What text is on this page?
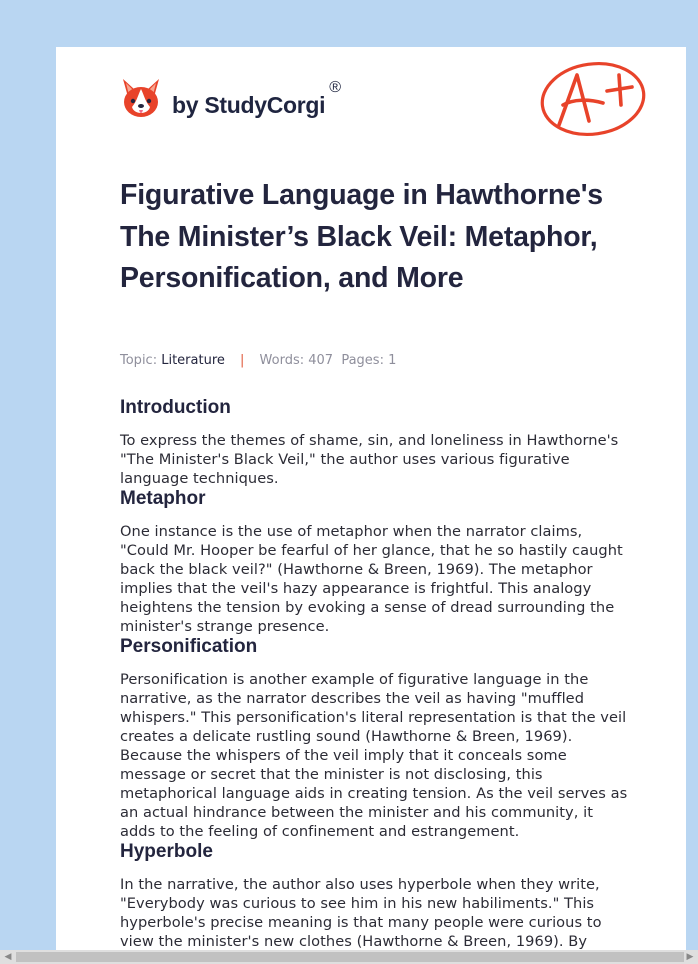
by StudyCorgi
®
A+
Figurative Language in Hawthorne's The Minister’s Black Veil: Metaphor, Personification, and More
Topic: Literature | Words: 407 Pages: 1
Introduction

To express the themes of shame, sin, and loneliness in Hawthorne's "The Minister's Black Veil," the author uses various figurative language techniques.

Metaphor

One instance is the use of metaphor when the narrator claims, "Could Mr. Hooper be fearful of her glance, that he so hastily caught back the black veil?" (Hawthorne & Breen, 1969). The metaphor implies that the veil's hazy appearance is frightful. This analogy heightens the tension by evoking a sense of dread surrounding the minister's strange presence.

Personification

Personification is another example of figurative language in the narrative, as the narrator describes the veil as having "muffled whispers." This personification's literal representation is that the veil creates a delicate rustling sound (Hawthorne & Breen, 1969). Because the whispers of the veil imply that it conceals some message or secret that the minister is not disclosing, this metaphorical language aids in creating tension. As the veil serves as an actual hindrance between the minister and his community, it adds to the feeling of confinement and estrangement.

Hyperbole

In the narrative, the author also uses hyperbole when they write, "Everybody was curious to see him in his new habiliments." This hyperbole's precise meaning is that many people were curious to view the minister's new clothes (Hawthorne & Breen, 1969). By

◀	▶
